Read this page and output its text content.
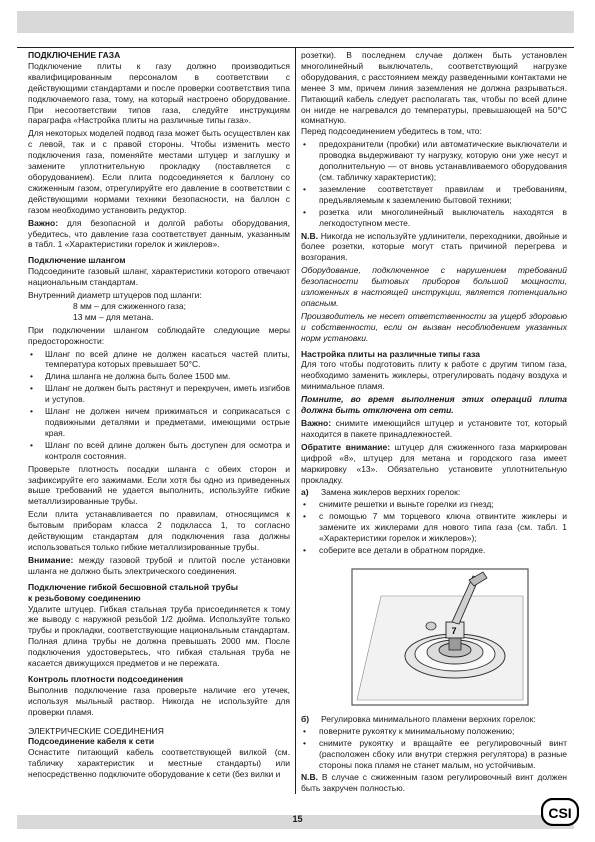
ПОДКЛЮЧЕНИЕ ГАЗА
Подключение плиты к газу должно производиться квалифицированным персоналом в соответствии с действующими стандартами и после проверки соответствия типа подключаемого газа, тому, на который настроено оборудование. При несоответствии типов газа, следуйте инструкциям параграфа «Настройка плиты на различные типы газа».
Для некоторых моделей подвод газа может быть осуществлен как с левой, так и с правой стороны. Чтобы изменить место подключения газа, поменяйте местами штуцер и заглушку и замените уплотнительную прокладку (поставляется с оборудованием). Если плита подсоединяется к баллону со сжиженным газом, отрегулируйте его давление в соответствии с действующими нормами техники безопасности, на баллон с газом необходимо установить редуктор.
Важно: для безопасной и долгой работы оборудования, убедитесь, что давление газа соответствует данным, указанным в табл. 1 «Характеристики горелок и жиклеров».
Подключение шлангом
Подсоедините газовый шланг, характеристики которого отвечают национальным стандартам.
Внутренний диаметр штуцеров под шланги:
8 мм – для сжиженного газа;
13 мм – для метана.
При подключении шлангом соблюдайте следующие меры предосторожности:
• Шланг по всей длине не должен касаться частей плиты, температура которых превышает 50°С.
• Длина шланга не должна быть более 1500 мм.
• Шланг не должен быть растянут и перекручен, иметь изгибов и уступов.
• Шланг не должен ничем прижиматься и соприкасаться с подвижными деталями и предметами, имеющими острые края.
• Шланг по всей длине должен быть доступен для осмотра и контроля состояния.
Проверьте плотность посадки шланга с обеих сторон и зафиксируйте его зажимами. Если хотя бы одно из приведенных выше требований не удается выполнить, используйте гибкие металлизированные трубы.
Если плита устанавливается по правилам, относящимся к бытовым приборам класса 2 подкласса 1, то согласно действующим стандартам для подключения газа должны использоваться только гибкие металлизированные трубы.
Внимание: между газовой трубой и плитой после установки шланга не должно быть электрического соединения.
Подключение гибкой бесшовной стальной трубы
к резьбовому соединению
Удалите штуцер. Гибкая стальная труба присоединяется к тому же выводу с наружной резьбой 1/2 дюйма. Используйте только трубы и прокладки, соответствующие национальным стандартам. Полная длина трубы не должна превышать 2000 мм. После подключения удостоверьтесь, что гибкая стальная труба не касается движущихся предметов и не пережата.
Контроль плотности подсоединения
Выполнив подключение газа проверьте наличие его утечек, используя мыльный раствор. Никогда не используйте для проверки пламя.
ЭЛЕКТРИЧЕСКИЕ СОЕДИНЕНИЯ
Подсоединение кабеля к сети
Оснастите питающий кабель соответствующей вилкой (см. табличку характеристик и местные стандарты) или непосредственно подключите оборудование к сети (без вилки и
розетки). В последнем случае должен быть установлен многолинейный выключатель, соответствующий нагрузке оборудования, с расстоянием между разведенными контактами не менее 3 мм, причем линия заземления не должна разрываться. Питающий кабель следует располагать так, чтобы по всей длине он нигде не нагревался до температуры, превышающей на 50°С комнатную.
Перед подсоединением убедитесь в том, что:
• предохранители (пробки) или автоматические выключатели и проводка выдерживают ту нагрузку, которую они уже несут и дополнительную — от вновь устанавливаемого оборудования (см. табличку характеристик);
• заземление соответствует правилам и требованиям, предъявляемым к заземлению бытовой техники;
• розетка или многолинейный выключатель находятся в легкодоступном месте.
N.B. Никогда не используйте удлинители, переходники, двойные и более розетки, которые могут стать причиной перегрева и возгорания.
Оборудование, подключенное с нарушением требований безопасности бытовых приборов большой мощности, изложенных в настоящей инструкции, является потенциально опасным.
Производитель не несет ответственности за ущерб здоровью и собственности, если он вызван несоблюдением указанных норм установки.
Настройка плиты на различные типы газа
Для того чтобы подготовить плиту к работе с другим типом газа, необходимо заменить жиклеры, отрегулировать подачу воздуха и минимальное пламя.
Помните, во время выполнения этих операций плита должна быть отключена от сети.
Важно: снимите имеющийся штуцер и установите тот, который находится в пакете принадлежностей.
Обратите внимание: штуцер для сжиженного газа маркирован цифрой «8», штуцер для метана и городского газа имеет маркировку «13». Обязательно установите уплотнительную прокладку.
а) Замена жиклеров верхних горелок:
• снимите решетки и выньте горелки из гнезд;
• с помощью 7 мм торцевого ключа отвинтите жиклеры и замените их жиклерами для нового типа газа (см. табл. 1 «Характеристики горелок и жиклеров»);
• соберите все детали в обратном порядке.
7
б) Регулировка минимального пламени верхних горелок:
• поверните рукоятку к минимальному положению;
• снимите рукоятку и вращайте ее регулировочный винт (расположен сбоку или внутри стержня регулятора) в разные стороны пока пламя не станет малым, но устойчивым.
N.B. В случае с сжиженным газом регулировочный винт должен быть закручен полностью.
15	CSI
